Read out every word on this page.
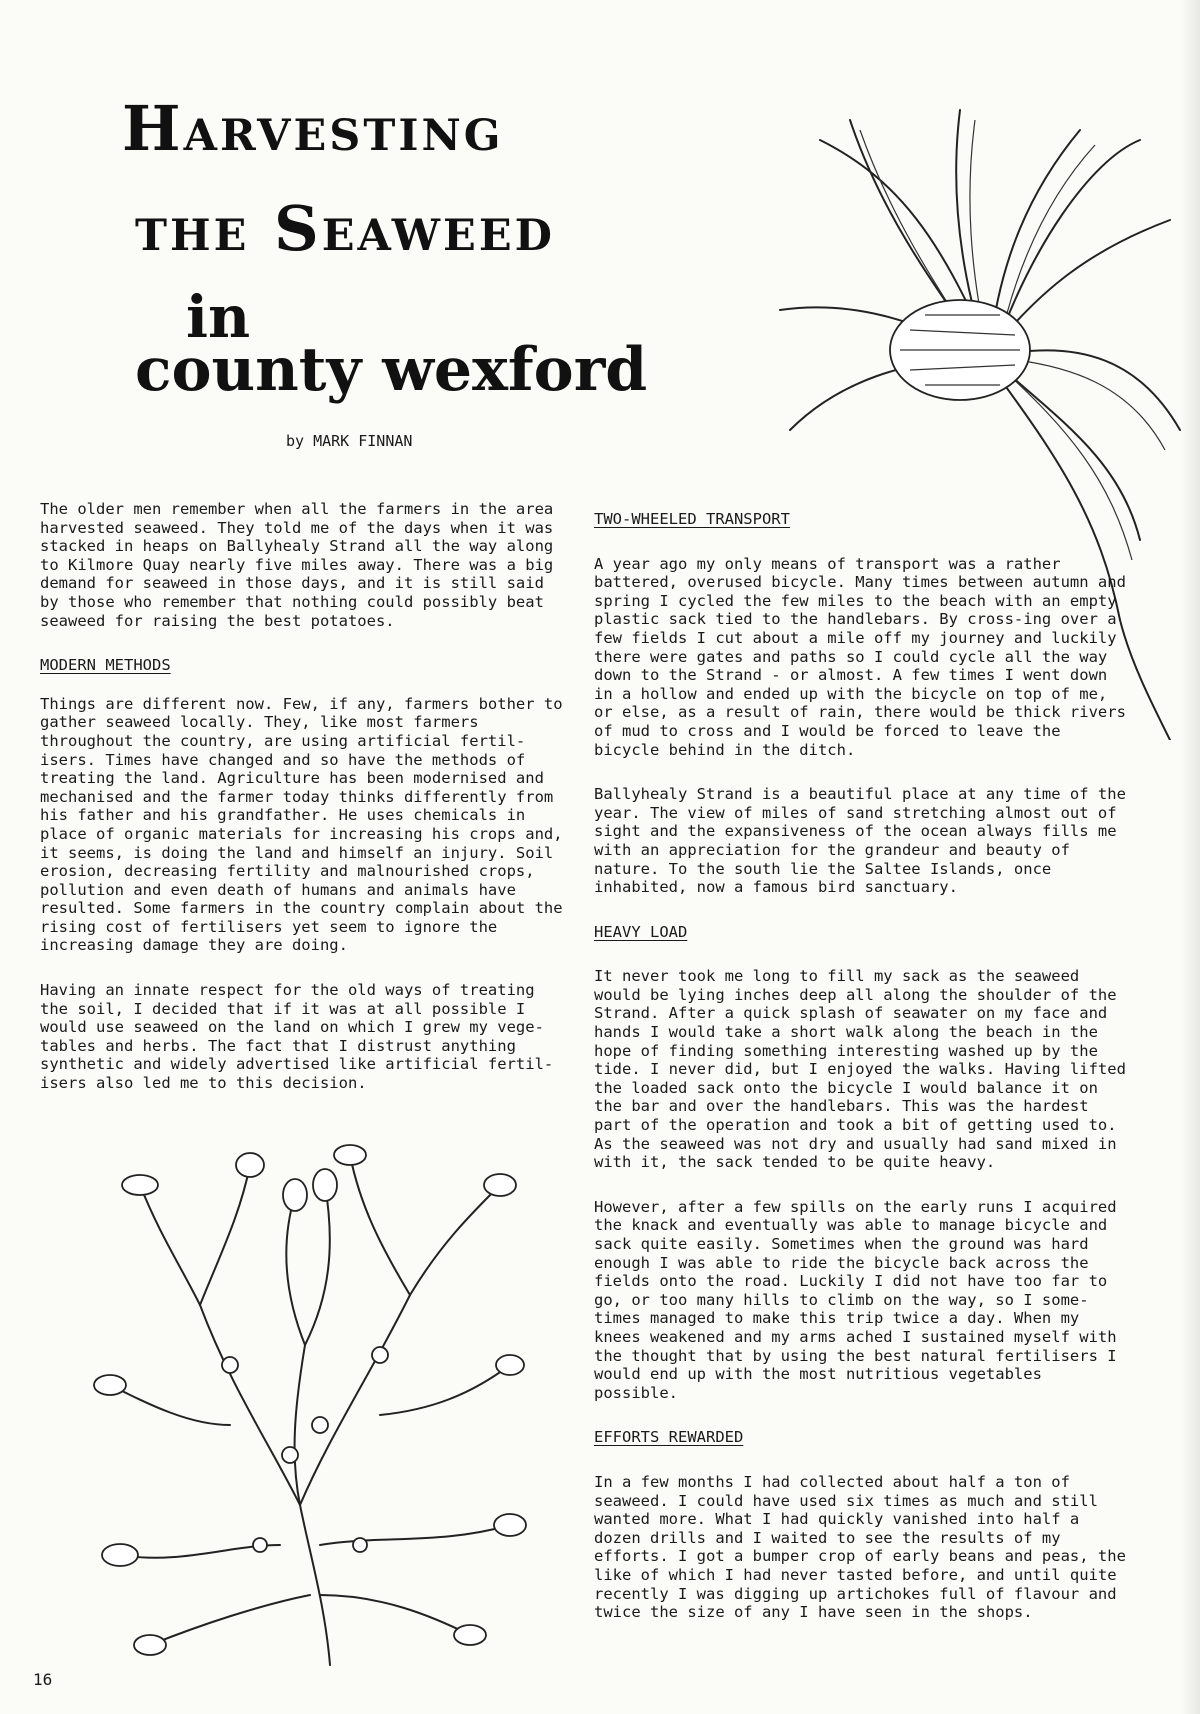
Harvesting
the Seaweed
in
county wexford
by MARK FINNAN

The older men remember when all the farmers in the area harvested seaweed. They told me of the days when it was stacked in heaps on Ballyhealy Strand all the way along to Kilmore Quay nearly five miles away. There was a big demand for seaweed in those days, and it is still said by those who remember that nothing could possibly beat seaweed for raising the best potatoes.

MODERN METHODS

Things are different now. Few, if any, farmers bother to gather seaweed locally. They, like most farmers throughout the country, are using artificial fertil-isers. Times have changed and so have the methods of treating the land. Agriculture has been modernised and mechanised and the farmer today thinks differently from his father and his grandfather. He uses chemicals in place of organic materials for increasing his crops and, it seems, is doing the land and himself an injury. Soil erosion, decreasing fertility and malnourished crops, pollution and even death of humans and animals have resulted. Some farmers in the country complain about the rising cost of fertilisers yet seem to ignore the increasing damage they are doing.

Having an innate respect for the old ways of treating the soil, I decided that if it was at all possible I would use seaweed on the land on which I grew my vege-tables and herbs. The fact that I distrust anything synthetic and widely advertised like artificial fertil-isers also led me to this decision.

TWO-WHEELED TRANSPORT

A year ago my only means of transport was a rather battered, overused bicycle. Many times between autumn and spring I cycled the few miles to the beach with an empty plastic sack tied to the handlebars. By cross-ing over a few fields I cut about a mile off my journey and luckily there were gates and paths so I could cycle all the way down to the Strand - or almost. A few times I went down in a hollow and ended up with the bicycle on top of me, or else, as a result of rain, there would be thick rivers of mud to cross and I would be forced to leave the bicycle behind in the ditch.

Ballyhealy Strand is a beautiful place at any time of the year. The view of miles of sand stretching almost out of sight and the expansiveness of the ocean always fills me with an appreciation for the grandeur and beauty of nature. To the south lie the Saltee Islands, once inhabited, now a famous bird sanctuary.

HEAVY LOAD

It never took me long to fill my sack as the seaweed would be lying inches deep all along the shoulder of the Strand. After a quick splash of seawater on my face and hands I would take a short walk along the beach in the hope of finding something interesting washed up by the tide. I never did, but I enjoyed the walks. Having lifted the loaded sack onto the bicycle I would balance it on the bar and over the handlebars. This was the hardest part of the operation and took a bit of getting used to. As the seaweed was not dry and usually had sand mixed in with it, the sack tended to be quite heavy.

However, after a few spills on the early runs I acquired the knack and eventually was able to manage bicycle and sack quite easily. Sometimes when the ground was hard enough I was able to ride the bicycle back across the fields onto the road. Luckily I did not have too far to go, or too many hills to climb on the way, so I some-times managed to make this trip twice a day. When my knees weakened and my arms ached I sustained myself with the thought that by using the best natural fertilisers I would end up with the most nutritious vegetables possible.

EFFORTS REWARDED

In a few months I had collected about half a ton of seaweed. I could have used six times as much and still wanted more. What I had quickly vanished into half a dozen drills and I waited to see the results of my efforts. I got a bumper crop of early beans and peas, the like of which I had never tasted before, and until quite recently I was digging up artichokes full of flavour and twice the size of any I have seen in the shops.

16
